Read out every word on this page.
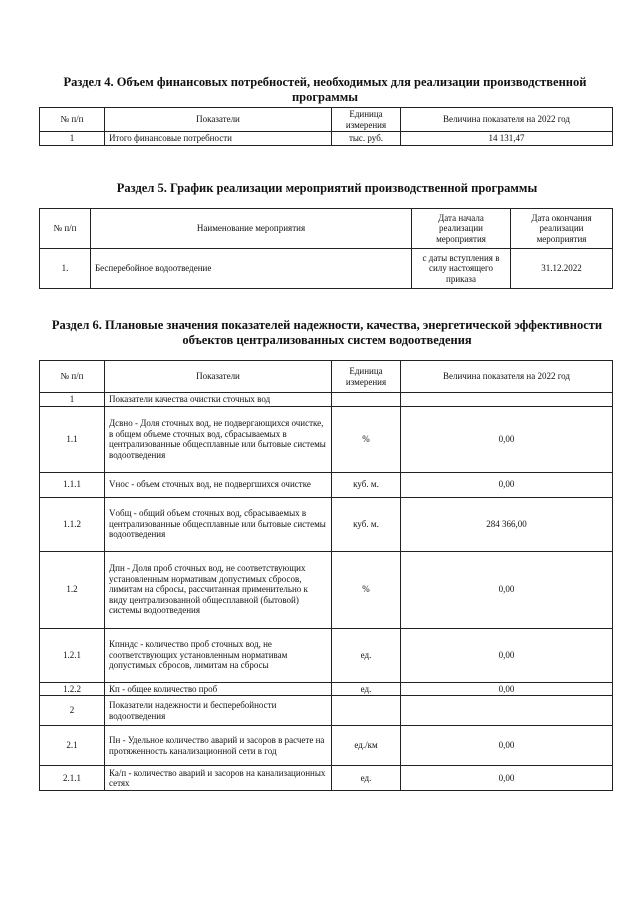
Раздел 4. Объем финансовых потребностей, необходимых для реализации производственной программы
№ п/п	Показатели	Единица измерения	Величина показателя на 2022 год
1	Итого финансовые потребности	тыс. руб.	14 131,47
Раздел 5. График реализации мероприятий производственной программы
№ п/п	Наименование мероприятия	Дата начала реализации мероприятия	Дата окончания реализации мероприятия
1.	Бесперебойное водоотведение	с даты вступления в силу настоящего приказа	31.12.2022
Раздел 6. Плановые значения показателей надежности, качества, энергетической эффективности объектов централизованных систем водоотведения
№ п/п	Показатели	Единица измерения	Величина показателя на 2022 год
1	Показатели качества очистки сточных вод		
1.1	Дсвно - Доля сточных вод, не подвергающихся очистке, в общем объеме сточных вод, сбрасываемых в централизованные общесплавные или бытовые системы водоотведения	%	0,00
1.1.1	Vнос - объем сточных вод, не подвергшихся очистке	куб. м.	0,00
1.1.2	Vобщ - общий объем сточных вод, сбрасываемых в централизованные общесплавные или бытовые системы водоотведения	куб. м.	284 366,00
1.2	Дпн - Доля проб сточных вод, не соответствующих установленным нормативам допустимых сбросов, лимитам на сбросы, рассчитанная применительно к виду централизованной общесплавной (бытовой) системы водоотведения	%	0,00
1.2.1	Кпнндс - количество проб сточных вод, не соответствующих установленным нормативам допустимых сбросов, лимитам на сбросы	ед.	0,00
1.2.2	Кп - общее количество проб	ед.	0,00
2	Показатели надежности и бесперебойности водоотведения		
2.1	Пн - Удельное количество аварий и засоров в расчете на протяженность канализационной сети в год	ед./км	0,00
2.1.1	Ка/п - количество аварий и засоров на канализационных сетях	ед.	0,00
